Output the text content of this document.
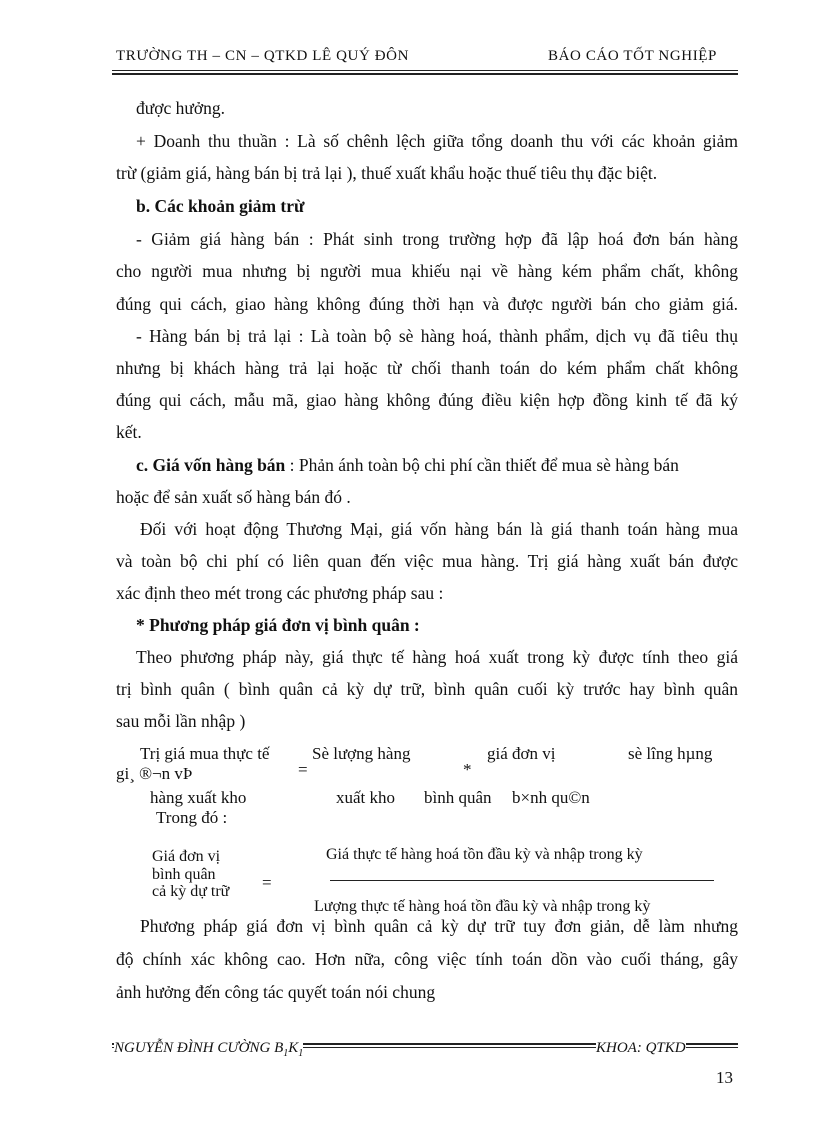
TRƯỜNG TH – CN – QTKD LÊ QUÝ ĐÔN	BÁO CÁO TỐT NGHIỆP
được hưởng.
+ Doanh thu thuần : Là số chênh lệch giữa tổng doanh thu với các khoản giảm
trừ (giảm giá, hàng bán bị trả lại ), thuế xuất khẩu hoặc thuế tiêu thụ đặc biệt.
b. Các khoản giảm trừ
- Giảm giá hàng bán : Phát sinh trong trường hợp đã lập hoá đơn bán hàng
cho người mua nhưng bị người mua khiếu nại về hàng kém phẩm chất, không
đúng qui cách, giao hàng không đúng thời hạn và được người bán cho giảm giá.
- Hàng bán bị trả lại : Là toàn bộ sè hàng hoá, thành phẩm, dịch vụ đã tiêu thụ
nhưng bị khách hàng trả lại hoặc từ chối thanh toán do kém phẩm chất không
đúng qui cách, mẫu mã, giao hàng không đúng điều kiện hợp đồng kinh tế đã ký
kết.
c. Giá vốn hàng bán : Phản ánh toàn bộ chi phí cần thiết để mua sè hàng bán
hoặc để sản xuất số hàng bán đó .
Đối với hoạt động Thương Mại, giá vốn hàng bán là giá thanh toán hàng mua
và toàn bộ chi phí có liên quan đến việc mua hàng. Trị giá hàng xuất bán được
xác định theo mét trong các phương pháp sau :
* Phương pháp giá đơn vị bình quân :
Theo phương pháp này, giá thực tế hàng hoá xuất trong kỳ được tính theo giá
trị bình quân ( bình quân cả kỳ dự trữ, bình quân cuối kỳ trước hay bình quân
sau mỗi lần nhập )
Trị giá mua thực tế
gi¸ ®¬n vÞ
hàng xuất kho
=
Sè lượng hàng
xuất kho
*
giá đơn vị
bình quân
sè lîng hµng
b×nh qu©n
Trong đó :
Giá đơn vị
bình quân
cả kỳ dự trữ =
Giá thực tế hàng hoá tồn đầu kỳ và nhập trong kỳ
Lượng thực tế hàng hoá tồn đầu kỳ và nhập trong kỳ
Phương pháp giá đơn vị bình quân cả kỳ dự trữ tuy đơn giản, dễ làm nhưng
độ chính xác không cao. Hơn nữa, công việc tính toán dồn vào cuối tháng, gây
ảnh hưởng đến công tác quyết toán nói chung
NGUYỄN ĐÌNH CƯỜNG $B_1K_1$	KHOA: QTKD
13
